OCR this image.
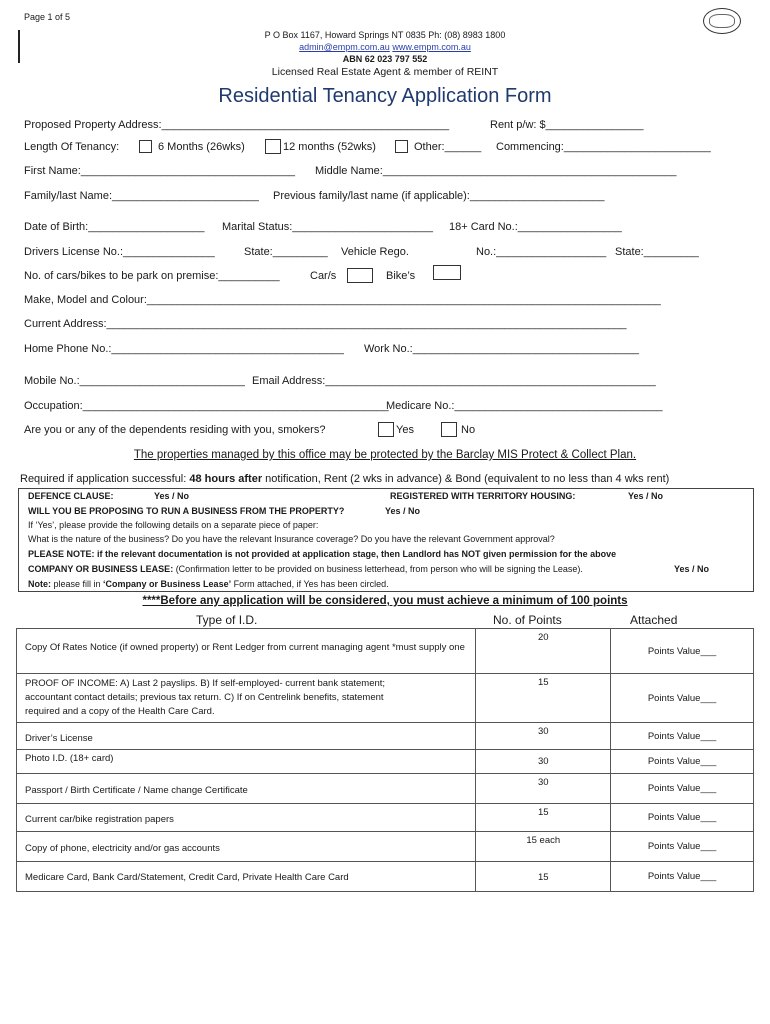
Page 1 of 5
P O Box 1167, Howard Springs NT 0835 Ph: (08) 8983 1800
admin@empm.com.au www.empm.com.au
ABN 62 023 797 552
Licensed Real Estate Agent & member of REINT
Residential Tenancy Application Form
Proposed Property Address:_______________________________________________	Rent p/w: $________________
Length Of Tenancy:	6 Months (26wks)	12 months (52wks)	Other:______ Commencing:________________________
First Name:___________________________________ Middle Name:________________________________________________
Family/last Name:________________________ Previous family/last name (if applicable):______________________
Date of Birth:___________________ Marital Status:_______________________ 18+ Card No.:_________________
Drivers License No.:_______________	State:_________ Vehicle Rego.	No.:__________________ State:_________
No. of cars/bikes to be park on premise:__________	Car/s	Bike’s
Make, Model and Colour:____________________________________________________________________________________
Current Address:_____________________________________________________________________________________
Home Phone No.:______________________________________ Work No.:_____________________________________
Mobile No.:___________________________ Email Address:______________________________________________________
Occupation:__________________________________________________
Medicare No.:__________________________________
Are you or any of the dependents residing with you, smokers?	Yes	No
The properties managed by this office may be protected by the Barclay MIS Protect & Collect Plan.
Required if application successful: 48 hours after notification, Rent (2 wks in advance) & Bond (equivalent to no less than 4 wks rent)
DEFENCE CLAUSE:	Yes / No	REGISTERED WITH TERRITORY HOUSING:	Yes / No
WILL YOU BE PROPOSING TO RUN A BUSINESS FROM THE PROPERTY?	Yes / No
If ‘Yes’, please provide the following details on a separate piece of paper:
What is the nature of the business? Do you have the relevant Insurance coverage? Do you have the relevant Government approval?
PLEASE NOTE: if the relevant documentation is not provided at application stage, then Landlord has NOT given permission for the above
COMPANY OR BUSINESS LEASE: (Confirmation letter to be provided on business letterhead, from person who will be signing the Lease).	Yes / No
Note: please fill in ‘Company or Business Lease’ Form attached, if Yes has been circled.
****Before any application will be considered, you must achieve a minimum of 100 points
Type of I.D.	No. of Points	Attached
Copy Of Rates Notice (if owned property) or Rent Ledger from current managing agent *must supply one	20	Points Value___
PROOF OF INCOME: A) Last 2 payslips. B) If self-employed- current bank statement; accountant contact details; previous tax return. C) If on Centrelink benefits, statement required and a copy of the Health Care Card.	15	Points Value___
Driver’s License	30	Points Value___
Photo I.D. (18+ card)	30	Points Value___
Passport / Birth Certificate / Name change Certificate	30	Points Value___
Current car/bike registration papers	15	Points Value___
Copy of phone, electricity and/or gas accounts	15 each	Points Value___
Medicare Card, Bank Card/Statement, Credit Card, Private Health Care Card	15	Points Value___
